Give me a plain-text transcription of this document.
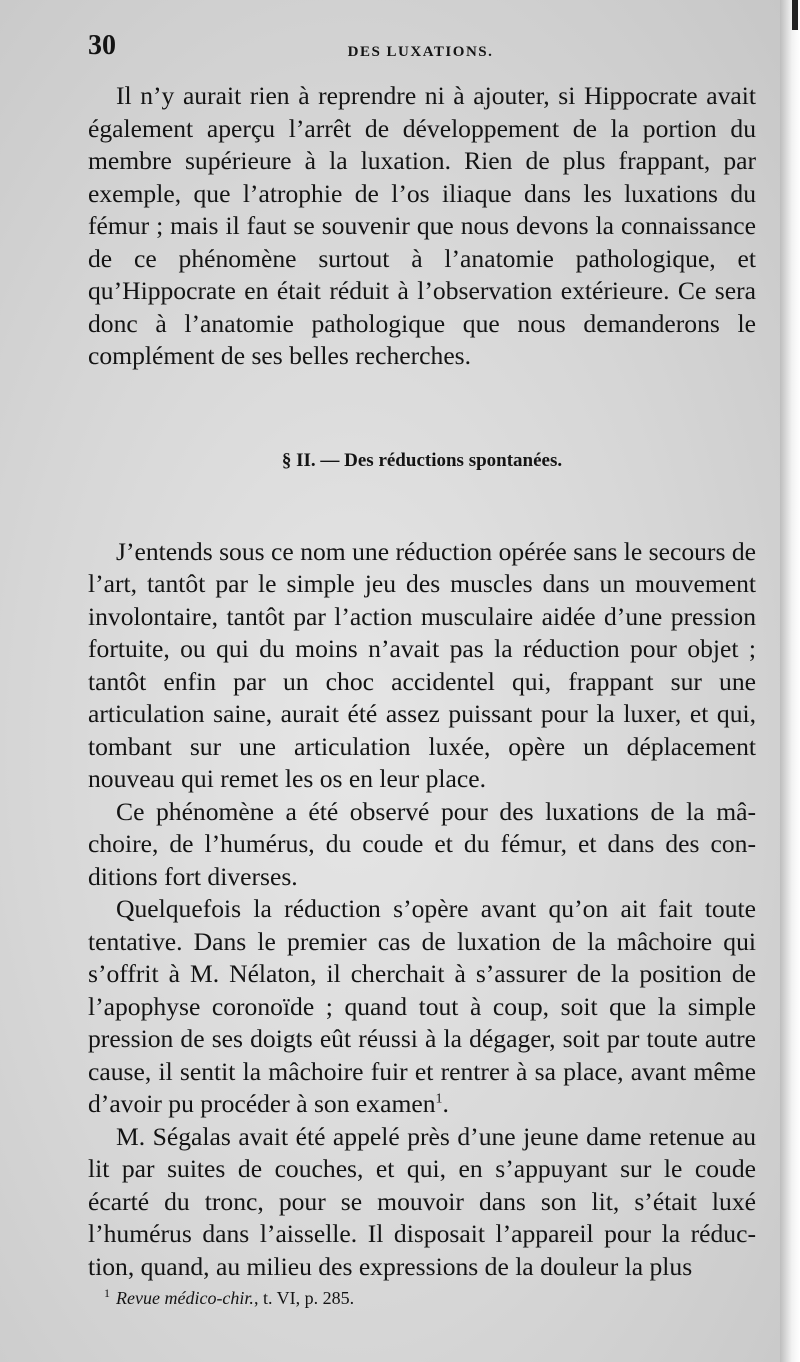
30	DES LUXATIONS.

Il n’y aurait rien à reprendre ni à ajouter, si Hippocrate avait également aperçu l’arrêt de développement de la portion du membre supérieure à la luxation. Rien de plus frappant, par exemple, que l’atrophie de l’os iliaque dans les luxations du fémur ; mais il faut se souvenir que nous devons la connaissance de ce phénomène surtout à l’anatomie pathologique, et qu’Hippocrate en était réduit à l’observation extérieure. Ce sera donc à l’anatomie pathologique que nous demanderons le complément de ses belles recherches.

§ II. — Des réductions spontanées.

J’entends sous ce nom une réduction opérée sans le secours de l’art, tantôt par le simple jeu des muscles dans un mouvement involontaire, tantôt par l’action musculaire aidée d’une pression fortuite, ou qui du moins n’avait pas la réduction pour objet ; tantôt enfin par un choc accidentel qui, frappant sur une articulation saine, aurait été assez puissant pour la luxer, et qui, tombant sur une articulation luxée, opère un déplacement nouveau qui remet les os en leur place.

Ce phénomène a été observé pour des luxations de la mâchoire, de l’humérus, du coude et du fémur, et dans des conditions fort diverses.

Quelquefois la réduction s’opère avant qu’on ait fait toute tentative. Dans le premier cas de luxation de la mâchoire qui s’offrit à M. Nélaton, il cherchait à s’assurer de la position de l’apophyse coronoïde ; quand tout à coup, soit que la simple pression de ses doigts eût réussi à la dégager, soit par toute autre cause, il sentit la mâchoire fuir et rentrer à sa place, avant même d’avoir pu procéder à son examen$^1$.

M. Ségalas avait été appelé près d’une jeune dame retenue au lit par suites de couches, et qui, en s’appuyant sur le coude écarté du tronc, pour se mouvoir dans son lit, s’était luxé l’humérus dans l’aisselle. Il disposait l’appareil pour la réduction, quand, au milieu des expressions de la douleur la plus

$^1$ Revue médico-chir., t. VI, p. 285.
